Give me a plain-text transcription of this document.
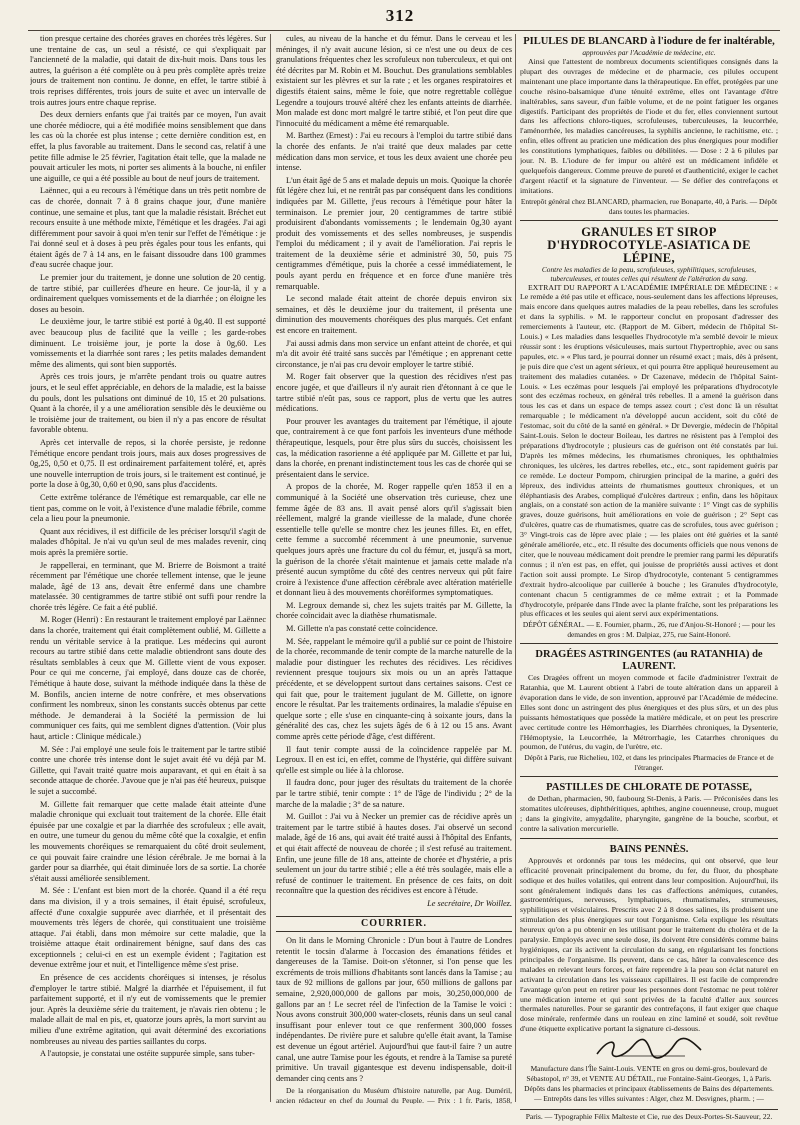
312

tion presque certaine des chorées graves en chorées très légères. Sur une trentaine de cas, un seul a résisté, ce qui s'expliquait par l'ancienneté de la maladie, qui datait de dix-huit mois. Dans tous les autres, la guérison a été complète ou à peu près complète après treize jours de traitement non continu. Je donne, en effet, le tartre stibié à trois reprises différentes, trois jours de suite et avec un intervalle de trois autres jours entre chaque reprise.

Des deux derniers enfants que j'ai traités par ce moyen, l'un avait une chorée médiocre, qui a été modifiée moins sensiblement que dans les cas où la chorée est plus intense ; cette dernière condition est, en effet, la plus favorable au traitement. Dans le second cas, relatif à une petite fille admise le 25 février, l'agitation était telle, que la malade ne pouvait articuler les mots, ni porter ses aliments à la bouche, ni enfiler une aiguille, ce qui a été possible au bout de neuf jours de traitement.

Laënnec, qui a eu recours à l'émétique dans un très petit nombre de cas de chorée, donnait 7 à 8 grains chaque jour, d'une manière continue, une semaine et plus, tant que la maladie résistait. Bréchet eut recours ensuite à une méthode mixte, l'émétique et les dragées. J'ai agi différemment pour savoir à quoi m'en tenir sur l'effet de l'émétique : je l'ai donné seul et à doses à peu près égales pour tous les enfants, qui étaient âgés de 7 à 14 ans, en le faisant dissoudre dans 100 grammes d'eau sucrée chaque jour.

Le premier jour du traitement, je donne une solution de 20 centig. de tartre stibié, par cuillerées d'heure en heure. Ce jour-là, il y a ordinairement quelques vomissements et de la diarrhée ; on éloigne les doses au besoin.

Le deuxième jour, le tartre stibié est porté à 0g,40. Il est supporté avec beaucoup plus de facilité que la veille ; les garde-robes diminuent. Le troisième jour, je porte la dose à 0g,60. Les vomissements et la diarrhée sont rares ; les petits malades demandent même des aliments, qui sont bien supportés.

Après ces trois jours, je m'arrête pendant trois ou quatre autres jours, et le seul effet appréciable, en dehors de la maladie, est la baisse du pouls, dont les pulsations ont diminué de 10, 15 et 20 pulsations. Quant à la chorée, il y a une amélioration sensible dès le deuxième ou le troisième jour de traitement, ou bien il n'y a pas encore de résultat favorable obtenu.

Après cet intervalle de repos, si la chorée persiste, je redonne l'émétique encore pendant trois jours, mais aux doses progressives de 0g,25, 0,50 et 0,75. Il est ordinairement parfaitement toléré, et, après une nouvelle interruption de trois jours, si le traitement est continué, je porte la dose à 0g,30, 0,60 et 0,90, sans plus d'accidents.

Cette extrême tolérance de l'émétique est remarquable, car elle ne tient pas, comme on le voit, à l'existence d'une maladie fébrile, comme cela a lieu pour la pneumonie.

Quant aux récidives, il est difficile de les préciser lorsqu'il s'agit de malades d'hôpital. Je n'ai vu qu'un seul de mes malades revenir, cinq mois après la première sortie.

Je rappellerai, en terminant, que M. Brierre de Boismont a traité récemment par l'émétique une chorée tellement intense, que le jeune malade, âgé de 13 ans, devait être enfermé dans une chambre matelassée. 30 centigrammes de tartre stibié ont suffi pour rendre la chorée très légère. Ce fait a été publié.

M. Roger (Henri) : En restaurant le traitement employé par Laënnec dans la chorée, traitement qui était complètement oublié, M. Gillette a rendu un véritable service à la pratique. Les médecins qui auront recours au tartre stibié dans cette maladie obtiendront sans doute des résultats semblables à ceux que M. Gillette vient de vous exposer. Pour ce qui me concerne, j'ai employé, dans douze cas de chorée, l'émétique à haute dose, suivant la méthode indiquée dans la thèse de M. Bonfils, ancien interne de notre confrère, et mes observations confirment les nombreux, sinon les constants succès obtenus par cette méthode. Je demanderai à la Société la permission de lui communiquer ces faits, qui me semblent dignes d'attention. (Voir plus haut, article : Clinique médicale.)

M. Sée : J'ai employé une seule fois le traitement par le tartre stibié contre une chorée très intense dont le sujet avait été vu déjà par M. Gillette, qui l'avait traité quatre mois auparavant, et qui en était à sa seconde attaque de chorée. J'avoue que je n'ai pas été heureux, puisque le sujet a succombé.

M. Gillette fait remarquer que cette malade était atteinte d'une maladie chronique qui excluait tout traitement de la chorée. Elle était épuisée par une coxalgie et par la diarrhée des scrofuleux ; elle avait, en outre, une tumeur du genou du même côté que la coxalgie, et enfin les mouvements choréiques se remarquaient du côté droit seulement, ce qui pouvait faire craindre une lésion cérébrale. Je me bornai à la garder pour sa diarrhée, qui était diminuée lors de sa sortie. La chorée s'était aussi améliorée sensiblement.

M. Sée : L'enfant est bien mort de la chorée. Quand il a été reçu dans ma division, il y a trois semaines, il était épuisé, scrofuleux, affecté d'une coxalgie suppurée avec diarrhée, et il présentait des mouvements très légers de chorée, qui constituaient une troisième attaque. J'ai établi, dans mon mémoire sur cette maladie, que la troisième attaque était ordinairement bénigne, sauf dans des cas exceptionnels ; celui-ci en est un exemple évident ; l'agitation est devenue extrême jour et nuit, et l'intelligence même s'est prise.

En présence de ces accidents choréiques si intenses, je résolus d'employer le tartre stibié. Malgré la diarrhée et l'épuisement, il fut parfaitement supporté, et il n'y eut de vomissements que le premier jour. Après la deuxième série du traitement, je n'avais rien obtenu ; le malade allait de mal en pis, et, quatorze jours après, la mort survint au milieu d'une extrême agitation, qui avait déterminé des excoriations nombreuses au niveau des parties saillantes du corps.

A l'autopsie, je constatai une ostéite suppurée simple, sans tuber-

cules, au niveau de la hanche et du fémur. Dans le cerveau et les méninges, il n'y avait aucune lésion, si ce n'est une ou deux de ces granulations fréquentes chez les scrofuleux non tuberculeux, et qui ont été décrites par M. Robin et M. Bouchut. Des granulations semblables existaient sur les plèvres et sur la rate ; et les organes respiratoires et digestifs étaient sains, même le foie, que notre regrettable collègue Legendre a toujours trouvé altéré chez les enfants atteints de diarrhée. Mon malade est donc mort malgré le tartre stibié, et l'on peut dire que l'innocuité du médicament a même été remarquable.

M. Barthez (Ernest) : J'ai eu recours à l'emploi du tartre stibié dans la chorée des enfants. Je n'ai traité que deux malades par cette médication dans mon service, et tous les deux avaient une chorée peu intense.

L'un était âgé de 5 ans et malade depuis un mois. Quoique la chorée fût légère chez lui, et ne rentrât pas par conséquent dans les conditions indiquées par M. Gillette, j'eus recours à l'émétique pour hâter la terminaison. Le premier jour, 20 centigrammes de tartre stibié produisirent d'abondants vomissements ; le lendemain 0g,30 ayant produit des vomissements et des selles nombreuses, je suspendis l'emploi du médicament ; il y avait de l'amélioration. J'ai repris le traitement de la deuxième série et administré 30, 50, puis 75 centigrammes d'émétique, puis la chorée a cessé immédiatement, le pouls ayant perdu en fréquence et en force d'une manière très remarquable.

Le second malade était atteint de chorée depuis environ six semaines, et dès le deuxième jour du traitement, il présenta une diminution des mouvements choréiques des plus marqués. Cet enfant est encore en traitement.

J'ai aussi admis dans mon service un enfant atteint de chorée, et qui m'a dit avoir été traité sans succès par l'émétique ; en apprenant cette circonstance, je n'ai pas cru devoir employer le tartre stibié.

M. Roger fait observer que la question des récidives n'est pas encore jugée, et que d'ailleurs il n'y aurait rien d'étonnant à ce que le tartre stibié n'eût pas, sous ce rapport, plus de vertu que les autres médications.

Pour prouver les avantages du traitement par l'émétique, il ajoute que, contrairement à ce que font parfois les inventeurs d'une méthode thérapeutique, lesquels, pour être plus sûrs du succès, choisissent les cas, la médication rasorienne a été appliquée par M. Gillette et par lui, dans la chorée, en prenant indistinctement tous les cas de chorée qui se présentaient dans le service.

A propos de la chorée, M. Roger rappelle qu'en 1853 il en a communiqué à la Société une observation très curieuse, chez une femme âgée de 83 ans. Il avait pensé alors qu'il s'agissait bien réellement, malgré la grande vieillesse de la malade, d'une chorée essentielle telle qu'elle se montre chez les jeunes filles. Et, en effet, cette femme a succombé récemment à une pneumonie, survenue quelques jours après une fracture du col du fémur, et, jusqu'à sa mort, la guérison de la chorée s'était maintenue et jamais cette malade n'a présenté aucun symptôme du côté des centres nerveux qui pût faire croire à l'existence d'une affection cérébrale avec altération matérielle et donnant lieu à des mouvements choréiformes symptomatiques.

M. Legroux demande si, chez les sujets traités par M. Gillette, la chorée coïncidait avec la diathèse rhumatismale.

M. Gillette n'a pas constaté cette coïncidence.

M. Sée, rappelant le mémoire qu'il a publié sur ce point de l'histoire de la chorée, recommande de tenir compte de la marche naturelle de la maladie pour distinguer les rechutes des récidives. Les récidives reviennent presque toujours six mois ou un an après l'attaque précédente, et se développent surtout dans certaines saisons. C'est ce qui fait que, pour le traitement jugulant de M. Gillette, on ignore encore le résultat. Par les traitements ordinaires, la maladie s'épuise en quelque sorte ; elle s'use en cinquante-cinq à soixante jours, dans la généralité des cas, chez les sujets âgés de 6 à 12 ou 15 ans. Avant comme après cette période d'âge, c'est différent.

Il faut tenir compte aussi de la coïncidence rappelée par M. Legroux. Il en est ici, en effet, comme de l'hystérie, qui diffère suivant qu'elle est simple ou liée à la chlorose.

Il faudra donc, pour juger des résultats du traitement de la chorée par le tartre stibié, tenir compte : 1° de l'âge de l'individu ; 2° de la marche de la maladie ; 3° de sa nature.

M. Guillot : J'ai vu à Necker un premier cas de récidive après un traitement par le tartre stibié à hautes doses. J'ai observé un second malade, âgé de 16 ans, qui avait été traité aussi à l'hôpital des Enfants, et qui était affecté de nouveau de chorée ; il s'est refusé au traitement. Enfin, une jeune fille de 18 ans, atteinte de chorée et d'hystérie, a pris seulement un jour du tartre stibié ; elle a été très soulagée, mais elle a refusé de continuer le traitement. En présence de ces faits, on doit reconnaître que la question des récidives est encore à l'étude.

Le secrétaire, Dr Woillez.
COURRIER.

On lit dans le Morning Chronicle : D'un bout à l'autre de Londres retentit le tocsin d'alarme à l'occasion des émanations fétides et dangereuses de la Tamise. Doit-on s'étonner, si l'on pense que les excréments de trois millions d'habitants sont lancés dans la Tamise ; au taux de 92 millions de gallons par jour, 650 millions de gallons par semaine, 2,920,000,000 de gallons par mois, 30,250,000,000 de gallons par an ! Le secret réel de l'infection de la Tamise le voici : Nous avons construit 300,000 water-closets, réunis dans un seul canal insuffisant pour enlever tout ce que renferment 300,000 fosses indépendantes. De rivière pure et salubre qu'elle était avant, la Tamise est devenue un égout artériel. Aujourd'hui que faut-il faire ? un autre canal, une autre Tamise pour les égouts, et rendre à la Tamise sa pureté primitive. Un travail gigantesque est devenu indispensable, doit-il demander cinq cents ans ?

De la réorganisation du Muséum d'histoire naturelle, par Aug. Duméril, ancien rédacteur en chef du Journal du Peuple. — Prix : 1 fr. Paris, 1858,

PILULES DE BLANCARD à l'iodure de fer inaltérable,
approuvées par l'Académie de médecine, etc.

Ainsi que l'attestent de nombreux documents scientifiques consignés dans la plupart des ouvrages de médecine et de pharmacie, ces pilules occupent maintenant une place importante dans la thérapeutique. En effet, protégées par une couche résino-balsamique d'une ténuité extrême, elles ont l'avantage d'être inaltérables, sans saveur, d'un faible volume, et de ne point fatiguer les organes digestifs. Participant des propriétés de l'iode et du fer, elles conviennent surtout dans les affections chloro-tiques, scrofuleuses, tuberculeuses, la leucorrhée, l'aménorrhée, les maladies cancéreuses, la syphilis ancienne, le rachitisme, etc. ; enfin, elles offrent au praticien une médication des plus énergiques pour modifier les constitutions lymphatiques, faibles ou débilitées. — Dose : 2 à 6 pilules par jour. N. B. L'iodure de fer impur ou altéré est un médicament infidèle et quelquefois dangereux. Comme preuve de pureté et d'authenticité, exiger le cachet d'argent réactif et la signature de l'inventeur. — Se défier des contrefaçons et imitations.

Entrepôt général chez BLANCARD, pharmacien, rue Bonaparte, 40, à Paris. — Dépôt dans toutes les pharmacies.
GRANULES ET SIROP D'HYDROCOTYLE-ASIATICA DE LÉPINE,
Contre les maladies de la peau, scrofuleuses, syphilitiques, scrofuleuses, tuberculeuses, et toutes celles qui résultent de l'altération du sang.

EXTRAIT DU RAPPORT A L'ACADÉMIE IMPÉRIALE DE MÉDECINE : « Le remède a été pas utile et efficace, nous-seulement dans les affections lépreuses, mais encore dans quelques autres maladies de la peau rebelles, dans les scrofules et dans la syphilis. » M. le rapporteur conclut en proposant d'adresser des remerciements à l'auteur, etc. (Rapport de M. Gibert, médecin de l'hôpital St-Louis.) « Les maladies dans lesquelles l'hydrocotyle m'a semblé devoir le mieux réussir sont : les éruptions vésiculeuses, mais surtout l'hypertrophie, avec ou sans papules, etc. » « Plus tard, je pourrai donner un résumé exact ; mais, dès à présent, je puis dire que c'est un agent sérieux, et qui pourra être appliqué heureusement au traitement des maladies cutanées. » Dr Cazenave, médecin de l'hôpital Saint-Louis. « Les eczémas pour lesquels j'ai employé les préparations d'hydrocotyle sont des eczémas rocheux, en général très rebelles. Il a amené la guérison dans tous les cas et dans un espace de temps assez court ; c'est donc là un résultat remarquable ; le médicament n'a développé aucun accident, soit du côté de l'estomac, soit du côté de la santé en général. » Dr Devergie, médecin de l'hôpital Saint-Louis. Selon le docteur Boileau, les dartres ne résistent pas à l'emploi des préparations d'hydrocotyle ; plusieurs cas de guérison ont été constatés par lui. D'après les mêmes médecins, les rhumatismes chroniques, les ophthalmies chroniques, les ulcères, les dartres rebelles, etc., etc., sont rapidement guéris par ce remède. Le docteur Pompom, chirurgien principal de la marine, a guéri des lépreux, des individus atteints de rhumatismes goutteux chroniques, et un éléphantiasis des Arabes, compliqué d'ulcères dartreux ; enfin, dans les hôpitaux anglais, on a constaté son action de la manière suivante : 1° Vingt cas de syphilis graves, douze guérisons, huit améliorations en voie de guérison ; 2° Sept cas d'ulcères, quatre cas de rhumatismes, quatre cas de scrofules, tous avec guérison ; 3° Vingt-trois cas de lèpre avec plaie ; — les plaies ont été guéries et la santé générale améliorée, etc., etc. Il résulte des documents officiels que nous venons de citer, que le nouveau médicament doit prendre le premier rang parmi les dépuratifs connus ; il n'en est pas, en effet, qui jouisse de propriétés aussi actives et dont l'action soit aussi prompte. Le Sirop d'hydrocotyle, contenant 5 centigrammes d'extrait hydro-alcoolique par cuillerée à bouche ; les Granules d'hydrocotyle, contenant chacun 5 centigrammes de ce même extrait ; et la Pommade d'hydrocotyle, préparée dans l'Inde avec la plante fraîche, sont les préparations les plus efficaces et les seules qui aient servi aux expérimentations.

DÉPÔT GÉNÉRAL. — E. Fournier, pharm., 26, rue d'Anjou-St-Honoré ; — pour les demandes en gros : M. Dalpiaz, 275, rue Saint-Honoré.
DRAGÉES ASTRINGENTES (au RATANHIA) de LAURENT.

Ces Dragées offrent un moyen commode et facile d'administrer l'extrait de Ratanhia, que M. Laurent obtient à l'abri de toute altération dans un appareil à évaporation dans le vide, de son invention, approuvé par l'Académie de médecine. Elles sont donc un astringent des plus énergiques et des plus sûrs, et un des plus puissants hémostatiques que possède la matière médicale, et on peut les prescrire avec certitude contre les Hémorrhagies, les Diarrhées chroniques, la Dysenterie, l'Hémoptysie, la Leucorrhée, la Métrorrhagie, les Catarrhes chroniques du poumon, de l'utérus, du vagin, de l'urètre, etc.

Dépôt à Paris, rue Richelieu, 102, et dans les principales Pharmacies de France et de l'étranger.
PASTILLES DE CHLORATE DE POTASSE,

de Dethan, pharmacien, 90, faubourg St-Denis, à Paris. — Préconisées dans les stomatites ulcéreuses, diphthéritiques, aphthes, angine couenneuse, croup, muguet ; dans la gingivite, amygdalite, pharyngite, gangrène de la bouche, scorbut, et contre la salivation mercurielle.

BAINS PENNÈS.

Approuvés et ordonnés par tous les médecins, qui ont observé, que leur efficacité provenait principalement du brome, du fer, du fluor, du phosphate sodique et des huiles volatiles, qui entrent dans leur composition. Aujourd'hui, ils sont généralement indiqués dans les cas d'affections anémiques, cutanées, gastroentériques, nerveuses, lymphatiques, rhumatismales, strumeuses, syphilitiques et vésiculaires. Prescrits avec 2 à 8 doses salines, ils produisent une stimulation des plus énergiques sur tout l'organisme. Cela explique les résultats heureux qu'on a pu obtenir en les utilisant pour le traitement du choléra et de la paralysie. Employés avec une seule dose, ils doivent être considérés comme bains hygiéniques, car ils activent la circulation du sang, en régularisant les fonctions principales de l'organisme. Ils peuvent, dans ce cas, hâter la convalescence des malades en relevant leurs forces, et faire reprendre à la peau son éclat naturel en activant la circulation dans les vaisseaux capillaires. Il est facile de comprendre l'avantage qu'on peut en retirer pour les personnes dont l'estomac ne peut tolérer une médication interne et qui sont privées de la faculté d'aller aux sources thermales naturelles. Pour se garantir des contrefaçons, il faut exiger que chaque dose minérale, renfermée dans un rouleau en zinc laminé et soudé, soit revêtue d'une étiquette explicative portant la signature ci-dessous.

Manufacture dans l'Île Saint-Louis. VENTE en gros ou demi-gros, boulevard de Sébastopol, n° 39, et VENTE AU DÉTAIL, rue Fontaine-Saint-Georges, 1, à Paris. Dépôts dans les pharmacies et principaux établissements de Bains des départements. — Entrepôts dans les villes suivantes : Alger, chez M. Desvignes, pharm. ; —
Paris. — Typographie Félix Malteste et Cie, rue des Deux-Portes-St-Sauveur, 22.
